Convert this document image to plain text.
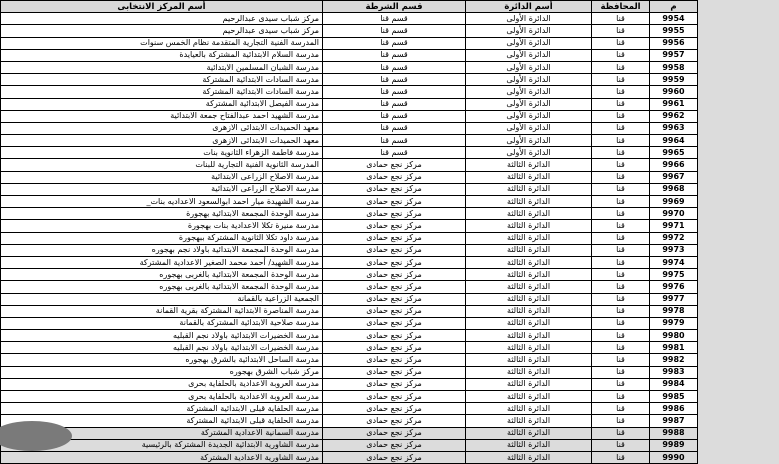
م	المحافظة	أسم الدائرة	قسم الشرطة	أسم المركز الانتخابى
9954	قنا	الدائرة الأولى	قسم قنا	مركز شباب سيدى عبدالرحيم
9955	قنا	الدائرة الأولى	قسم قنا	مركز شباب سيدى عبدالرحيم
9956	قنا	الدائرة الأولى	قسم قنا	المدرسة الفنية التجارية المتقدمة نظام الخمس سنوات
9957	قنا	الدائرة الأولى	قسم قنا	مدرسة السلام الابتدائية المشتركة بالعيايدة
9958	قنا	الدائرة الأولى	قسم قنا	مدرسة الشبان المسلمين الابتدائية
9959	قنا	الدائرة الأولى	قسم قنا	مدرسة السادات الابتدائية المشتركة
9960	قنا	الدائرة الأولى	قسم قنا	مدرسة السادات الابتدائية المشتركة
9961	قنا	الدائرة الأولى	قسم قنا	مدرسة الفيصل الابتدائية المشتركة
9962	قنا	الدائرة الأولى	قسم قنا	مدرسة الشهيد احمد عبدالفتاح جمعة الابتدائية
9963	قنا	الدائرة الأولى	قسم قنا	معهد الحميدات الابتدائى الازهرى
9964	قنا	الدائرة الأولى	قسم قنا	معهد الحميدات الابتدائى الازهرى
9965	قنا	الدائرة الأولى	قسم قنا	مدرسة فاطمة الزهراء الثانوية بنات
9966	قنا	الدائرة الثالثة	مركز نجع حمادى	المدرسة الثانوية الفنية التجارية للبنات
9967	قنا	الدائرة الثالثة	مركز نجع حمادى	مدرسة الاصلاح الزراعى الابتدائية
9968	قنا	الدائرة الثالثة	مركز نجع حمادى	مدرسة الاصلاح الزراعى الابتدائية
9969	قنا	الدائرة الثالثة	مركز نجع حمادى	مدرسة الشهيدة ميار احمد ابوالسعود الاعداديه بنات_
9970	قنا	الدائرة الثالثة	مركز نجع حمادى	مدرسة الوحدة المجمعة الابتدائية بهجورة
9971	قنا	الدائرة الثالثة	مركز نجع حمادى	مدرسة منيرة تكلا الاعدادية بنات بهجورة
9972	قنا	الدائرة الثالثة	مركز نجع حمادى	مدرسة داود تكلا الثانوية المشتركة ببهجورة
9973	قنا	الدائرة الثالثة	مركز نجع حمادى	مدرسة الوحدة المجمعة الابتدائية باولاد نجم بهجوره
9974	قنا	الدائرة الثالثة	مركز نجع حمادى	مدرسة الشهيد/ أحمد محمد الصغير الاعدادية المشتركة
9975	قنا	الدائرة الثالثة	مركز نجع حمادى	مدرسة الوحدة المجمعة الابتدائية بالغربى بهجوره
9976	قنا	الدائرة الثالثة	مركز نجع حمادى	مدرسة الوحدة المجمعة الابتدائية بالغربى بهجوره
9977	قنا	الدائرة الثالثة	مركز نجع حمادى	الجمعية الزراعية بالقمانة
9978	قنا	الدائرة الثالثة	مركز نجع حمادى	مدرسة المناصرة الابتدائية المشتركة بقرية القمانة
9979	قنا	الدائرة الثالثة	مركز نجع حمادى	مدرسة صلاحية الابتدائية المشتركة بالقمانة
9980	قنا	الدائرة الثالثة	مركز نجع حمادى	مدرسة الخضيرات الابتدائية باولاد نجم القبليه
9981	قنا	الدائرة الثالثة	مركز نجع حمادى	مدرسة الخضيرات الابتدائية باولاد نجم القبليه
9982	قنا	الدائرة الثالثة	مركز نجع حمادى	مدرسة الساحل الابتدائية بالشرق بهجوره
9983	قنا	الدائرة الثالثة	مركز نجع حمادى	مركز شباب الشرق بهجوره
9984	قنا	الدائرة الثالثة	مركز نجع حمادى	مدرسة العروبة الاعدادية بالحلفاية بحرى
9985	قنا	الدائرة الثالثة	مركز نجع حمادى	مدرسة العروبة الاعدادية بالحلفاية بحرى
9986	قنا	الدائرة الثالثة	مركز نجع حمادى	مدرسة الحلفاية قبلى الابتدائية المشتركة
9987	قنا	الدائرة الثالثة	مركز نجع حمادى	مدرسة الحلفاية قبلى الابتدائية المشتركة
9988	قنا	الدائرة الثالثة	مركز نجع حمادى	مدرسة السمانية الاعدادية المشتركة
9989	قنا	الدائرة الثالثة	مركز نجع حمادى	مدرسة الشاورية الابتدائية الجديدة المشتركة بالرئيسية
9990	قنا	الدائرة الثالثة	مركز نجع حمادى	مدرسة الشاورية الاعدادية المشتركة
